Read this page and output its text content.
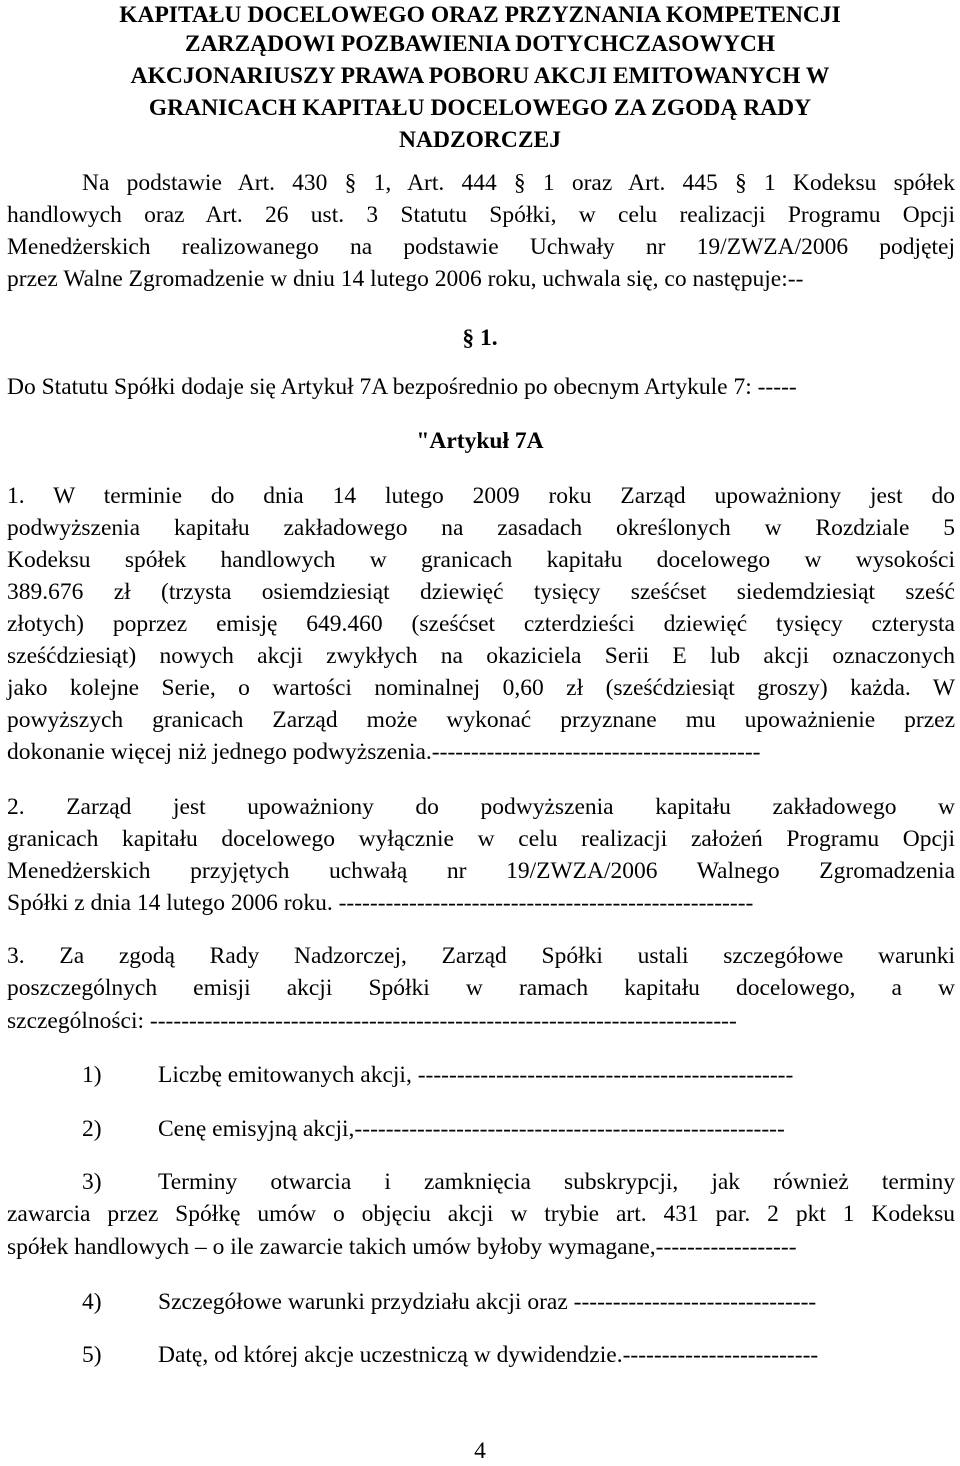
KAPITAŁU DOCELOWEGO ORAZ PRZYZNANIA KOMPETENCJI
ZARZĄDOWI POZBAWIENIA DOTYCHCZASOWYCH
AKCJONARIUSZY PRAWA POBORU AKCJI EMITOWANYCH W
GRANICACH KAPITAŁU DOCELOWEGO ZA ZGODĄ RADY
NADZORCZEJ
Na podstawie Art. 430 § 1, Art. 444 § 1 oraz Art. 445 § 1 Kodeksu spółek
handlowych oraz Art. 26 ust. 3 Statutu Spółki, w celu realizacji Programu Opcji
Menedżerskich realizowanego na podstawie Uchwały nr 19/ZWZA/2006 podjętej
przez Walne Zgromadzenie w dniu 14 lutego 2006 roku, uchwala się, co następuje:--
§ 1.
Do Statutu Spółki dodaje się Artykuł 7A bezpośrednio po obecnym Artykule 7: -----
"Artykuł 7A
1. W terminie do dnia 14 lutego 2009 roku Zarząd upoważniony jest do
podwyższenia kapitału zakładowego na zasadach określonych w Rozdziale 5
Kodeksu spółek handlowych w granicach kapitału docelowego w wysokości
389.676 zł (trzysta osiemdziesiąt dziewięć tysięcy sześćset siedemdziesiąt sześć
złotych) poprzez emisję 649.460 (sześćset czterdzieści dziewięć tysięcy czterysta
sześćdziesiąt) nowych akcji zwykłych na okaziciela Serii E lub akcji oznaczonych
jako kolejne Serie, o wartości nominalnej 0,60 zł (sześćdziesiąt groszy) każda. W
powyższych granicach Zarząd może wykonać przyznane mu upoważnienie przez
dokonanie więcej niż jednego podwyższenia.------------------------------------------
2. Zarząd jest upoważniony do podwyższenia kapitału zakładowego w
granicach kapitału docelowego wyłącznie w celu realizacji założeń Programu Opcji
Menedżerskich przyjętych uchwałą nr 19/ZWZA/2006 Walnego Zgromadzenia
Spółki z dnia 14 lutego 2006 roku. -----------------------------------------------------
3. Za zgodą Rady Nadzorczej, Zarząd Spółki ustali szczegółowe warunki
poszczególnych emisji akcji Spółki w ramach kapitału docelowego, a w
szczególności: ---------------------------------------------------------------------------
1) Liczbę emitowanych akcji, ------------------------------------------------
2) Cenę emisyjną akcji,-------------------------------------------------------
3) Terminy otwarcia i zamknięcia subskrypcji, jak również terminy
zawarcia przez Spółkę umów o objęciu akcji w trybie art. 431 par. 2 pkt 1 Kodeksu
spółek handlowych – o ile zawarcie takich umów byłoby wymagane,------------------
4) Szczegółowe warunki przydziału akcji oraz -------------------------------
5) Datę, od której akcje uczestniczą w dywidendzie.-------------------------
4
